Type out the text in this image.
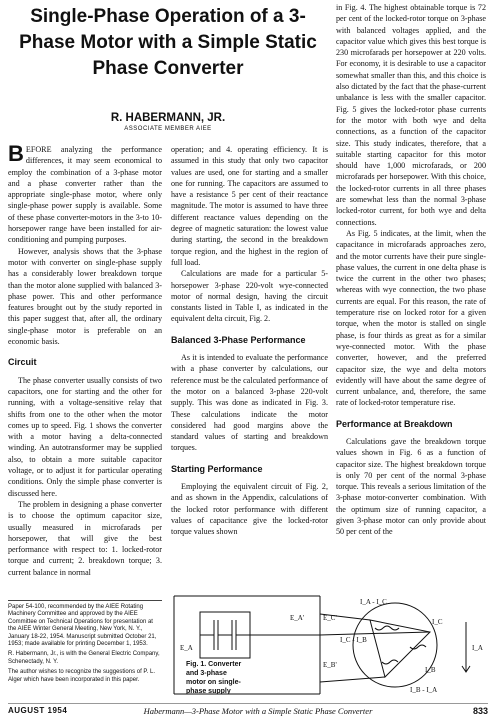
Single-Phase Operation of a 3-Phase Motor with a Simple Static Phase Converter
R. HABERMANN, JR.
ASSOCIATE MEMBER AIEE

BEFORE analyzing the performance differences, it may seem economical to employ the combination of a 3-phase motor and a phase converter rather than the appropriate single-phase motor, where only single-phase power supply is available. Some of these phase converter-motors in the 3-to 10-horsepower range have been installed for air-conditioning and pumping purposes.

However, analysis shows that the 3-phase motor with converter on single-phase supply has a considerably lower breakdown torque than the motor alone supplied with balanced 3-phase power. This and other performance features brought out by the study reported in this paper suggest that, after all, the ordinary single-phase motor is preferable on an economic basis.

Circuit

The phase converter usually consists of two capacitors, one for starting and the other for running, with a voltage-sensitive relay that shifts from one to the other when the motor comes up to speed. Fig. 1 shows the converter with a motor having a delta-connected winding. An autotransformer may be supplied also, to obtain a more suitable capacitor voltage, or to adjust it for particular operating conditions. Only the simple phase converter is discussed here.

The problem in designing a phase converter is to choose the optimum capacitor size, usually measured in microfarads per horsepower, that will give the best performance with respect to: 1. locked-rotor torque and current; 2. breakdown torque; 3. current balance in normal

operation; and 4. operating efficiency. It is assumed in this study that only two capacitor values are used, one for starting and a smaller one for running. The capacitors are assumed to have a resistance 5 per cent of their reactance magnitude. The motor is assumed to have three different reactance values depending on the degree of magnetic saturation: the lowest value during starting, the second in the breakdown torque region, and the highest in the region of full load.

Calculations are made for a particular 5-horsepower 3-phase 220-volt wye-connected motor of normal design, having the circuit constants listed in Table I, as indicated in the equivalent delta circuit, Fig. 2.

Balanced 3-Phase Performance

As it is intended to evaluate the performance with a phase converter by calculations, our reference must be the calculated performance of the motor on a balanced 3-phase 220-volt supply. This was done as indicated in Fig. 3. These calculations indicate the motor considered had good margins above the standard values of starting and breakdown torques.

Starting Performance

Employing the equivalent circuit of Fig. 2, and as shown in the Appendix, calculations of the locked rotor performance with different values of capacitance give the locked-rotor torque values shown

in Fig. 4. The highest obtainable torque is 72 per cent of the locked-rotor torque on 3-phase with balanced voltages applied, and the capacitor value which gives this best torque is 230 microfarads per horsepower at 220 volts. For economy, it is desirable to use a capacitor somewhat smaller than this, and this choice is also dictated by the fact that the phase-current unbalance is less with the smaller capacitor. Fig. 5 gives the locked-rotor phase currents for the motor with both wye and delta connections, as a function of the capacitor size. This study indicates, therefore, that a suitable starting capacitor for this motor should have 1,000 microfarads, or 200 microfarads per horsepower. With this choice, the locked-rotor currents in all three phases are somewhat less than the normal 3-phase locked-rotor current, for both wye and delta connections.

As Fig. 5 indicates, at the limit, when the capacitance in microfarads approaches zero, and the motor currents have their pure single-phase values, the current in one delta phase is twice the current in the other two phases; whereas with wye connection, the two phase currents are equal. For this reason, the rate of temperature rise on locked rotor for a given torque, when the motor is stalled on single phase, is four thirds as great as for a similar wye-connected motor. With the phase converter, however, and the preferred capacitor size, the wye and delta motors evidently will have about the same degree of current unbalance, and, therefore, the same rate of locked-rotor temperature rise.

Performance at Breakdown

Calculations gave the breakdown torque values shown in Fig. 6 as a function of capacitor size. The highest breakdown torque is only 70 per cent of the normal 3-phase torque. This reveals a serious limitation of the 3-phase motor-converter combination. With the optimum size of running capacitor, a given 3-phase motor can only provide about 50 per cent of the

Paper 54-100, recommended by the AIEE Rotating Machinery Committee and approved by the AIEE Committee on Technical Operations for presentation at the AIEE Winter General Meeting, New York, N. Y., January 18-22, 1954. Manuscript submitted October 21, 1953; made available for printing December 1, 1953.

R. Habermann, Jr., is with the General Electric Company, Schenectady, N. Y.

The author wishes to recognize the suggestions of P. L. Alger which have been incorporated in this paper.

E_A
E_A'	E_C'
E_B'
I_A - I_C
I_C - I_B
I_B - I_A
I_C
I_A
I_B
Fig. 1. Converter and 3-phase motor on single-phase supply
AUGUST 1954	Habermann—3-Phase Motor with a Simple Static Phase Converter	833
